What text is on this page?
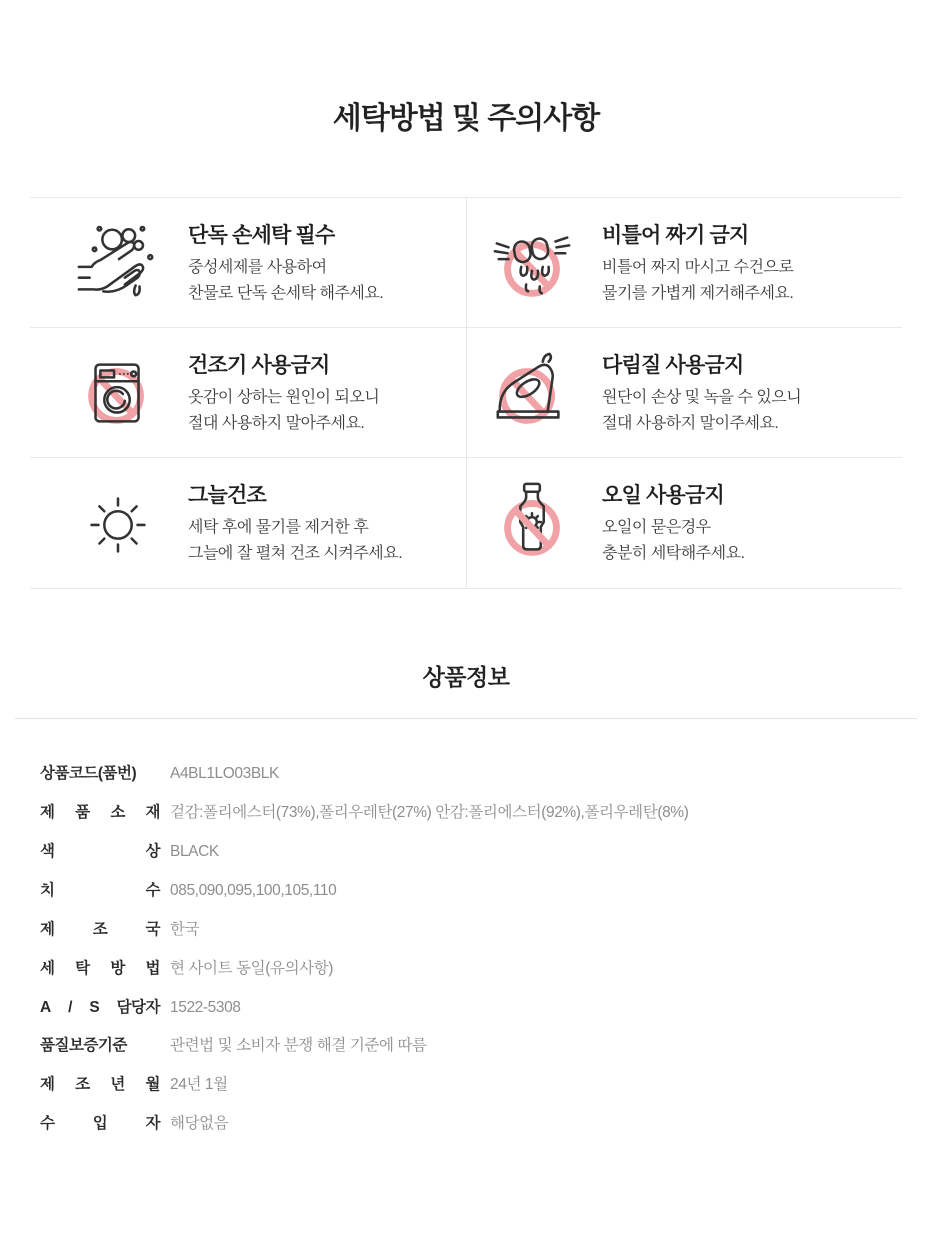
세탁방법 및 주의사항
단독 손세탁 필수
중성세제를 사용하여
찬물로 단독 손세탁 해주세요.
비틀어 짜기 금지
비틀어 짜지 마시고 수건으로
물기를 가볍게 제거해주세요.
건조기 사용금지
옷감이 상하는 원인이 되오니
절대 사용하지 말아주세요.
다림질 사용금지
원단이 손상 및 녹을 수 있으니
절대 사용하지 말이주세요.
그늘건조
세탁 후에 물기를 제거한 후
그늘에 잘 펼쳐 건조 시켜주세요.
오일 사용금지
오일이 묻은경우
충분히 세탁해주세요.
상품정보
상품코드(품번) A4BL1LO03BLK
제 품 소 재 겉감:폴리에스터(73%),폴리우레탄(27%) 안감:폴리에스터(92%),폴리우레탄(8%)
색	상 BLACK
치	수 085,090,095,100,105,110
제 조 국 한국
세 탁 방 법 현 사이트 동일(유의사항)
A / S 담당자 1522-5308
품질보증기준	관련법 및 소비자 분쟁 해결 기준에 따름
제 조 년 월 24년 1월
수 입 자 해당없음
